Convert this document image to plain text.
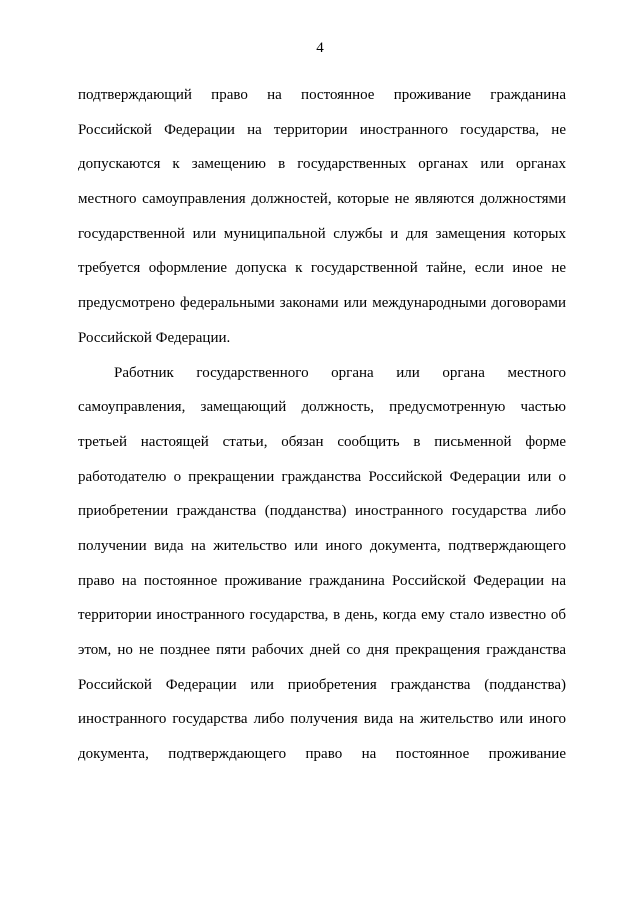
4

подтверждающий право на постоянное проживание гражданина
Российской Федерации на территории иностранного государства, не
допускаются к замещению в государственных органах или органах
местного самоуправления должностей, которые не являются должностями
государственной или муниципальной службы и для замещения которых
требуется оформление допуска к государственной тайне, если иное не
предусмотрено федеральными законами или международными договорами
Российской Федерации.

Работник государственного органа или органа местного
самоуправления, замещающий должность, предусмотренную частью
третьей настоящей статьи, обязан сообщить в письменной форме
работодателю о прекращении гражданства Российской Федерации или о
приобретении гражданства (подданства) иностранного государства либо
получении вида на жительство или иного документа, подтверждающего
право на постоянное проживание гражданина Российской Федерации на
территории иностранного государства, в день, когда ему стало известно об
этом, но не позднее пяти рабочих дней со дня прекращения гражданства
Российской Федерации или приобретения гражданства (подданства)
иностранного государства либо получения вида на жительство или иного
документа, подтверждающего право на постоянное проживание
